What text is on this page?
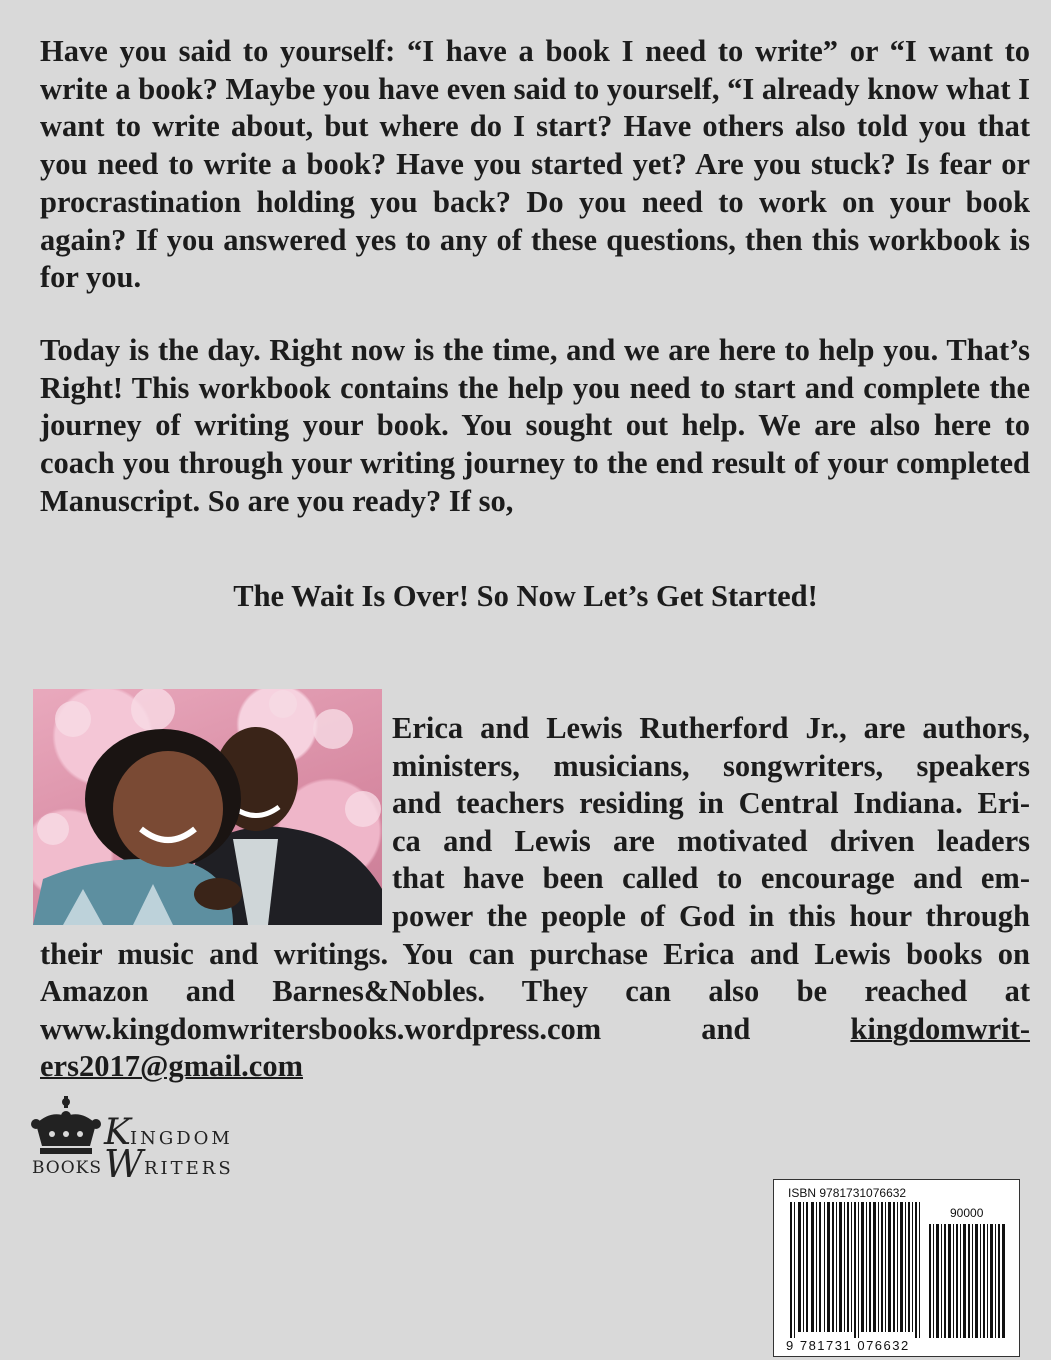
Have you said to yourself: “I have a book I need to write” or “I want to write a book? Maybe you have even said to yourself, “I already know what I want to write about, but where do I start? Have others also told you that you need to write a book? Have you started yet? Are you stuck? Is fear or procrastination holding you back? Do you need to work on your book again? If you answered yes to any of these questions, then this workbook is for you.

Today is the day. Right now is the time, and we are here to help you. That’s Right! This workbook contains the help you need to start and complete the journey of writing your book. You sought out help. We are also here to coach you through your writing journey to the end result of your completed Manuscript. So are you ready? If so,

The Wait Is Over! So Now Let’s Get Started!
Erica and Lewis Rutherford Jr., are authors,
ministers, musicians, songwriters, speakers
and teachers residing in Central Indiana. Eri-
ca and Lewis are motivated driven leaders
that have been called to encourage and em-
power the people of God in this hour through
their music and writings. You can purchase Erica and Lewis books on
Amazon and Barnes&Nobles. They can also be reached at
www.kingdomwritersbooks.wordpress.com	and	kingdomwrit-
ers2017@gmail.com
K INGDOM
BOOKS W RITERS
ISBN 9781731076632
90000
9 781731 076632
